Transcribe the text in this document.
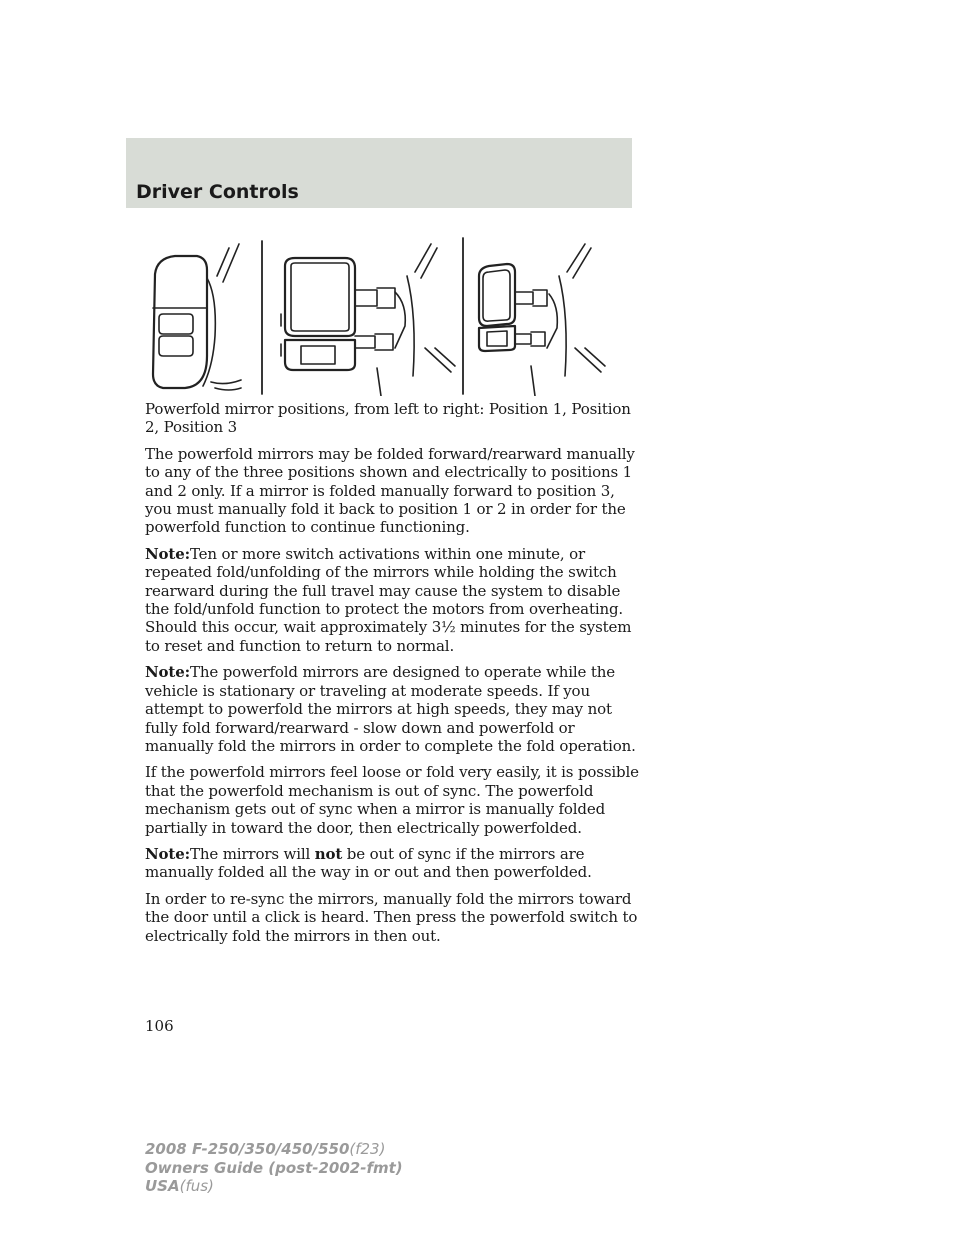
Driver Controls

Powerfold mirror positions, from left to right: Position 1, Position 2, Position 3

The powerfold mirrors may be folded forward/rearward manually to any of the three positions shown and electrically to positions 1 and 2 only. If a mirror is folded manually forward to position 3, you must manually fold it back to position 1 or 2 in order for the powerfold function to continue functioning.

Note:Ten or more switch activations within one minute, or repeated fold/unfolding of the mirrors while holding the switch rearward during the full travel may cause the system to disable the fold/unfold function to protect the motors from overheating. Should this occur, wait approximately 3½ minutes for the system to reset and function to return to normal.

Note:The powerfold mirrors are designed to operate while the vehicle is stationary or traveling at moderate speeds. If you attempt to powerfold the mirrors at high speeds, they may not fully fold forward/rearward - slow down and powerfold or manually fold the mirrors in order to complete the fold operation.

If the powerfold mirrors feel loose or fold very easily, it is possible that the powerfold mechanism is out of sync. The powerfold mechanism gets out of sync when a mirror is manually folded partially in toward the door, then electrically powerfolded.

Note:The mirrors will not be out of sync if the mirrors are manually folded all the way in or out and then powerfolded.

In order to re-sync the mirrors, manually fold the mirrors toward the door until a click is heard. Then press the powerfold switch to electrically fold the mirrors in then out.

106
2008 F-250/350/450/550(f23)
Owners Guide (post-2002-fmt)
USA(fus)
